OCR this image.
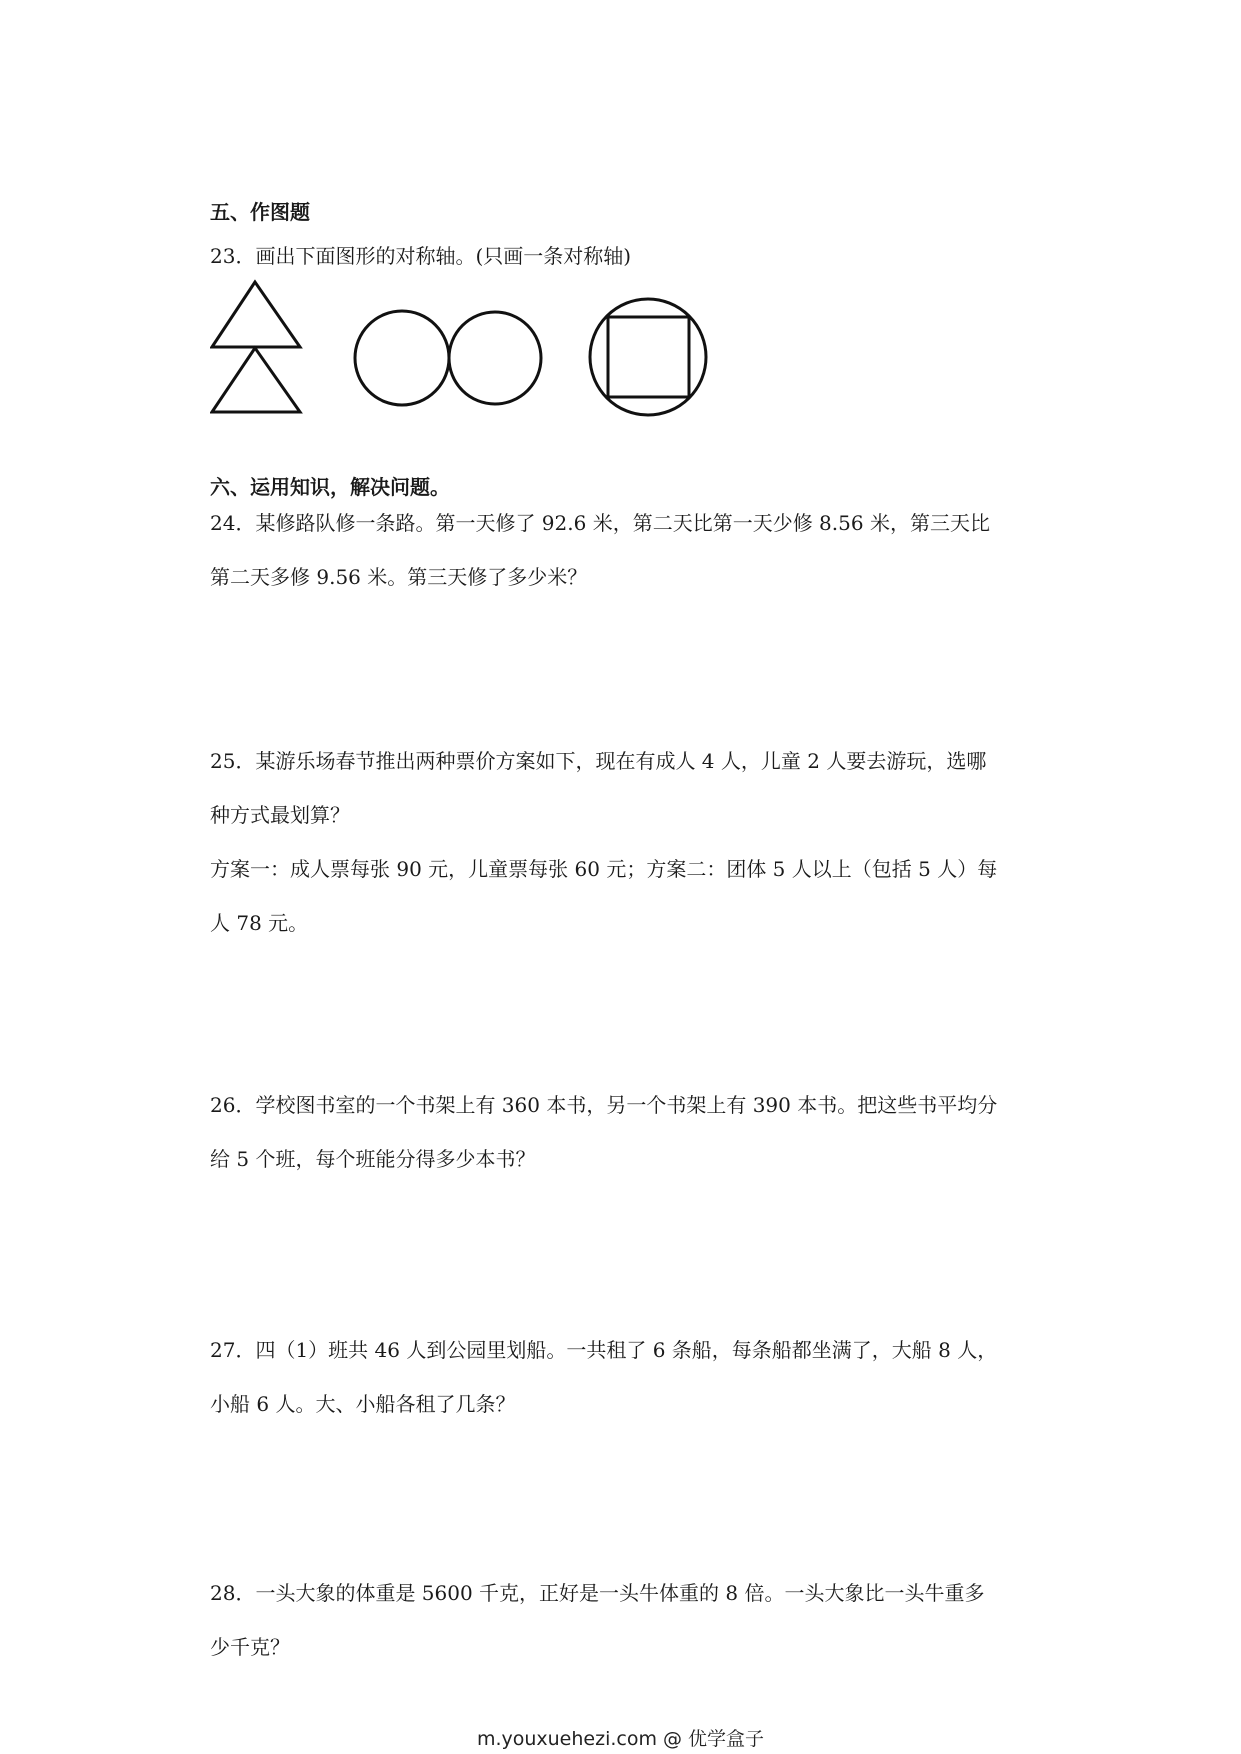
五、作图题

23．画出下面图形的对称轴。(只画一条对称轴)

六、运用知识，解决问题。

24．某修路队修一条路。第一天修了 92.6 米，第二天比第一天少修 8.56 米，第三天比
第二天多修 9.56 米。第三天修了多少米？

25．某游乐场春节推出两种票价方案如下，现在有成人 4 人，儿童 2 人要去游玩，选哪
种方式最划算？
方案一：成人票每张 90 元，儿童票每张 60 元；方案二：团体 5 人以上（包括 5 人）每
人 78 元。

26．学校图书室的一个书架上有 360 本书，另一个书架上有 390 本书。把这些书平均分
给 5 个班，每个班能分得多少本书？

27．四（1）班共 46 人到公园里划船。一共租了 6 条船，每条船都坐满了，大船 8 人，
小船 6 人。大、小船各租了几条？

28．一头大象的体重是 5600 千克，正好是一头牛体重的 8 倍。一头大象比一头牛重多
少千克？

m.youxuehezi.com @ 优学盒子
